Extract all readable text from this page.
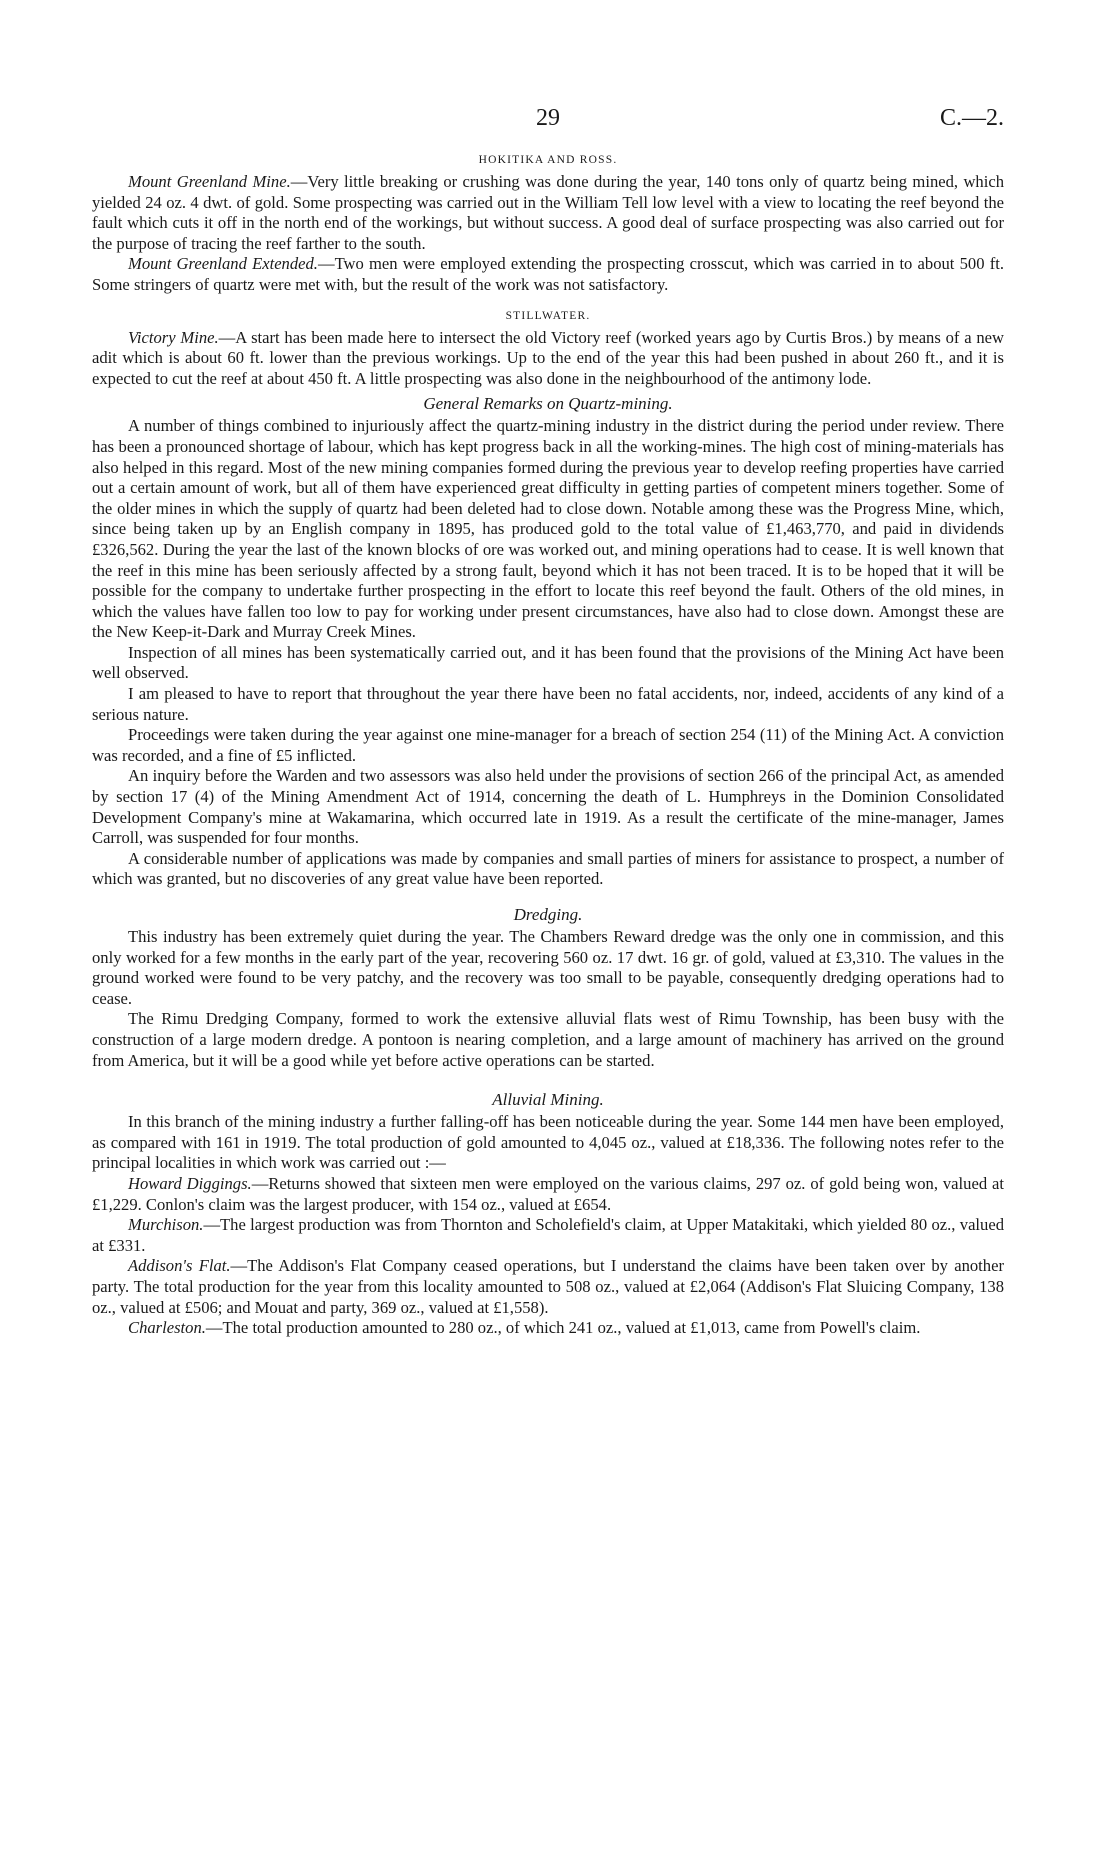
29	C.—2.
HOKITIKA AND ROSS.

Mount Greenland Mine.—Very little breaking or crushing was done during the year, 140 tons only of quartz being mined, which yielded 24 oz. 4 dwt. of gold. Some prospecting was carried out in the William Tell low level with a view to locating the reef beyond the fault which cuts it off in the north end of the workings, but without success. A good deal of surface prospecting was also carried out for the purpose of tracing the reef farther to the south.

Mount Greenland Extended.—Two men were employed extending the prospecting crosscut, which was carried in to about 500 ft. Some stringers of quartz were met with, but the result of the work was not satisfactory.

STILLWATER.

Victory Mine.—A start has been made here to intersect the old Victory reef (worked years ago by Curtis Bros.) by means of a new adit which is about 60 ft. lower than the previous workings. Up to the end of the year this had been pushed in about 260 ft., and it is expected to cut the reef at about 450 ft. A little prospecting was also done in the neighbourhood of the antimony lode.

General Remarks on Quartz-mining.

A number of things combined to injuriously affect the quartz-mining industry in the district during the period under review. There has been a pronounced shortage of labour, which has kept progress back in all the working-mines. The high cost of mining-materials has also helped in this regard. Most of the new mining companies formed during the previous year to develop reefing properties have carried out a certain amount of work, but all of them have experienced great difficulty in getting parties of competent miners together. Some of the older mines in which the supply of quartz had been deleted had to close down. Notable among these was the Progress Mine, which, since being taken up by an English company in 1895, has produced gold to the total value of £1,463,770, and paid in dividends £326,562. During the year the last of the known blocks of ore was worked out, and mining operations had to cease. It is well known that the reef in this mine has been seriously affected by a strong fault, beyond which it has not been traced. It is to be hoped that it will be possible for the company to undertake further prospecting in the effort to locate this reef beyond the fault. Others of the old mines, in which the values have fallen too low to pay for working under present circumstances, have also had to close down. Amongst these are the New Keep-it-Dark and Murray Creek Mines.

Inspection of all mines has been systematically carried out, and it has been found that the provisions of the Mining Act have been well observed.

I am pleased to have to report that throughout the year there have been no fatal accidents, nor, indeed, accidents of any kind of a serious nature.

Proceedings were taken during the year against one mine-manager for a breach of section 254 (11) of the Mining Act. A conviction was recorded, and a fine of £5 inflicted.

An inquiry before the Warden and two assessors was also held under the provisions of section 266 of the principal Act, as amended by section 17 (4) of the Mining Amendment Act of 1914, concerning the death of L. Humphreys in the Dominion Consolidated Development Company's mine at Wakamarina, which occurred late in 1919. As a result the certificate of the mine-manager, James Carroll, was suspended for four months.

A considerable number of applications was made by companies and small parties of miners for assistance to prospect, a number of which was granted, but no discoveries of any great value have been reported.

Dredging.

This industry has been extremely quiet during the year. The Chambers Reward dredge was the only one in commission, and this only worked for a few months in the early part of the year, recovering 560 oz. 17 dwt. 16 gr. of gold, valued at £3,310. The values in the ground worked were found to be very patchy, and the recovery was too small to be payable, consequently dredging operations had to cease.

The Rimu Dredging Company, formed to work the extensive alluvial flats west of Rimu Township, has been busy with the construction of a large modern dredge. A pontoon is nearing completion, and a large amount of machinery has arrived on the ground from America, but it will be a good while yet before active operations can be started.

Alluvial Mining.

In this branch of the mining industry a further falling-off has been noticeable during the year. Some 144 men have been employed, as compared with 161 in 1919. The total production of gold amounted to 4,045 oz., valued at £18,336. The following notes refer to the principal localities in which work was carried out :—

Howard Diggings.—Returns showed that sixteen men were employed on the various claims, 297 oz. of gold being won, valued at £1,229. Conlon's claim was the largest producer, with 154 oz., valued at £654.

Murchison.—The largest production was from Thornton and Scholefield's claim, at Upper Matakitaki, which yielded 80 oz., valued at £331.

Addison's Flat.—The Addison's Flat Company ceased operations, but I understand the claims have been taken over by another party. The total production for the year from this locality amounted to 508 oz., valued at £2,064 (Addison's Flat Sluicing Company, 138 oz., valued at £506; and Mouat and party, 369 oz., valued at £1,558).

Charleston.—The total production amounted to 280 oz., of which 241 oz., valued at £1,013, came from Powell's claim.
